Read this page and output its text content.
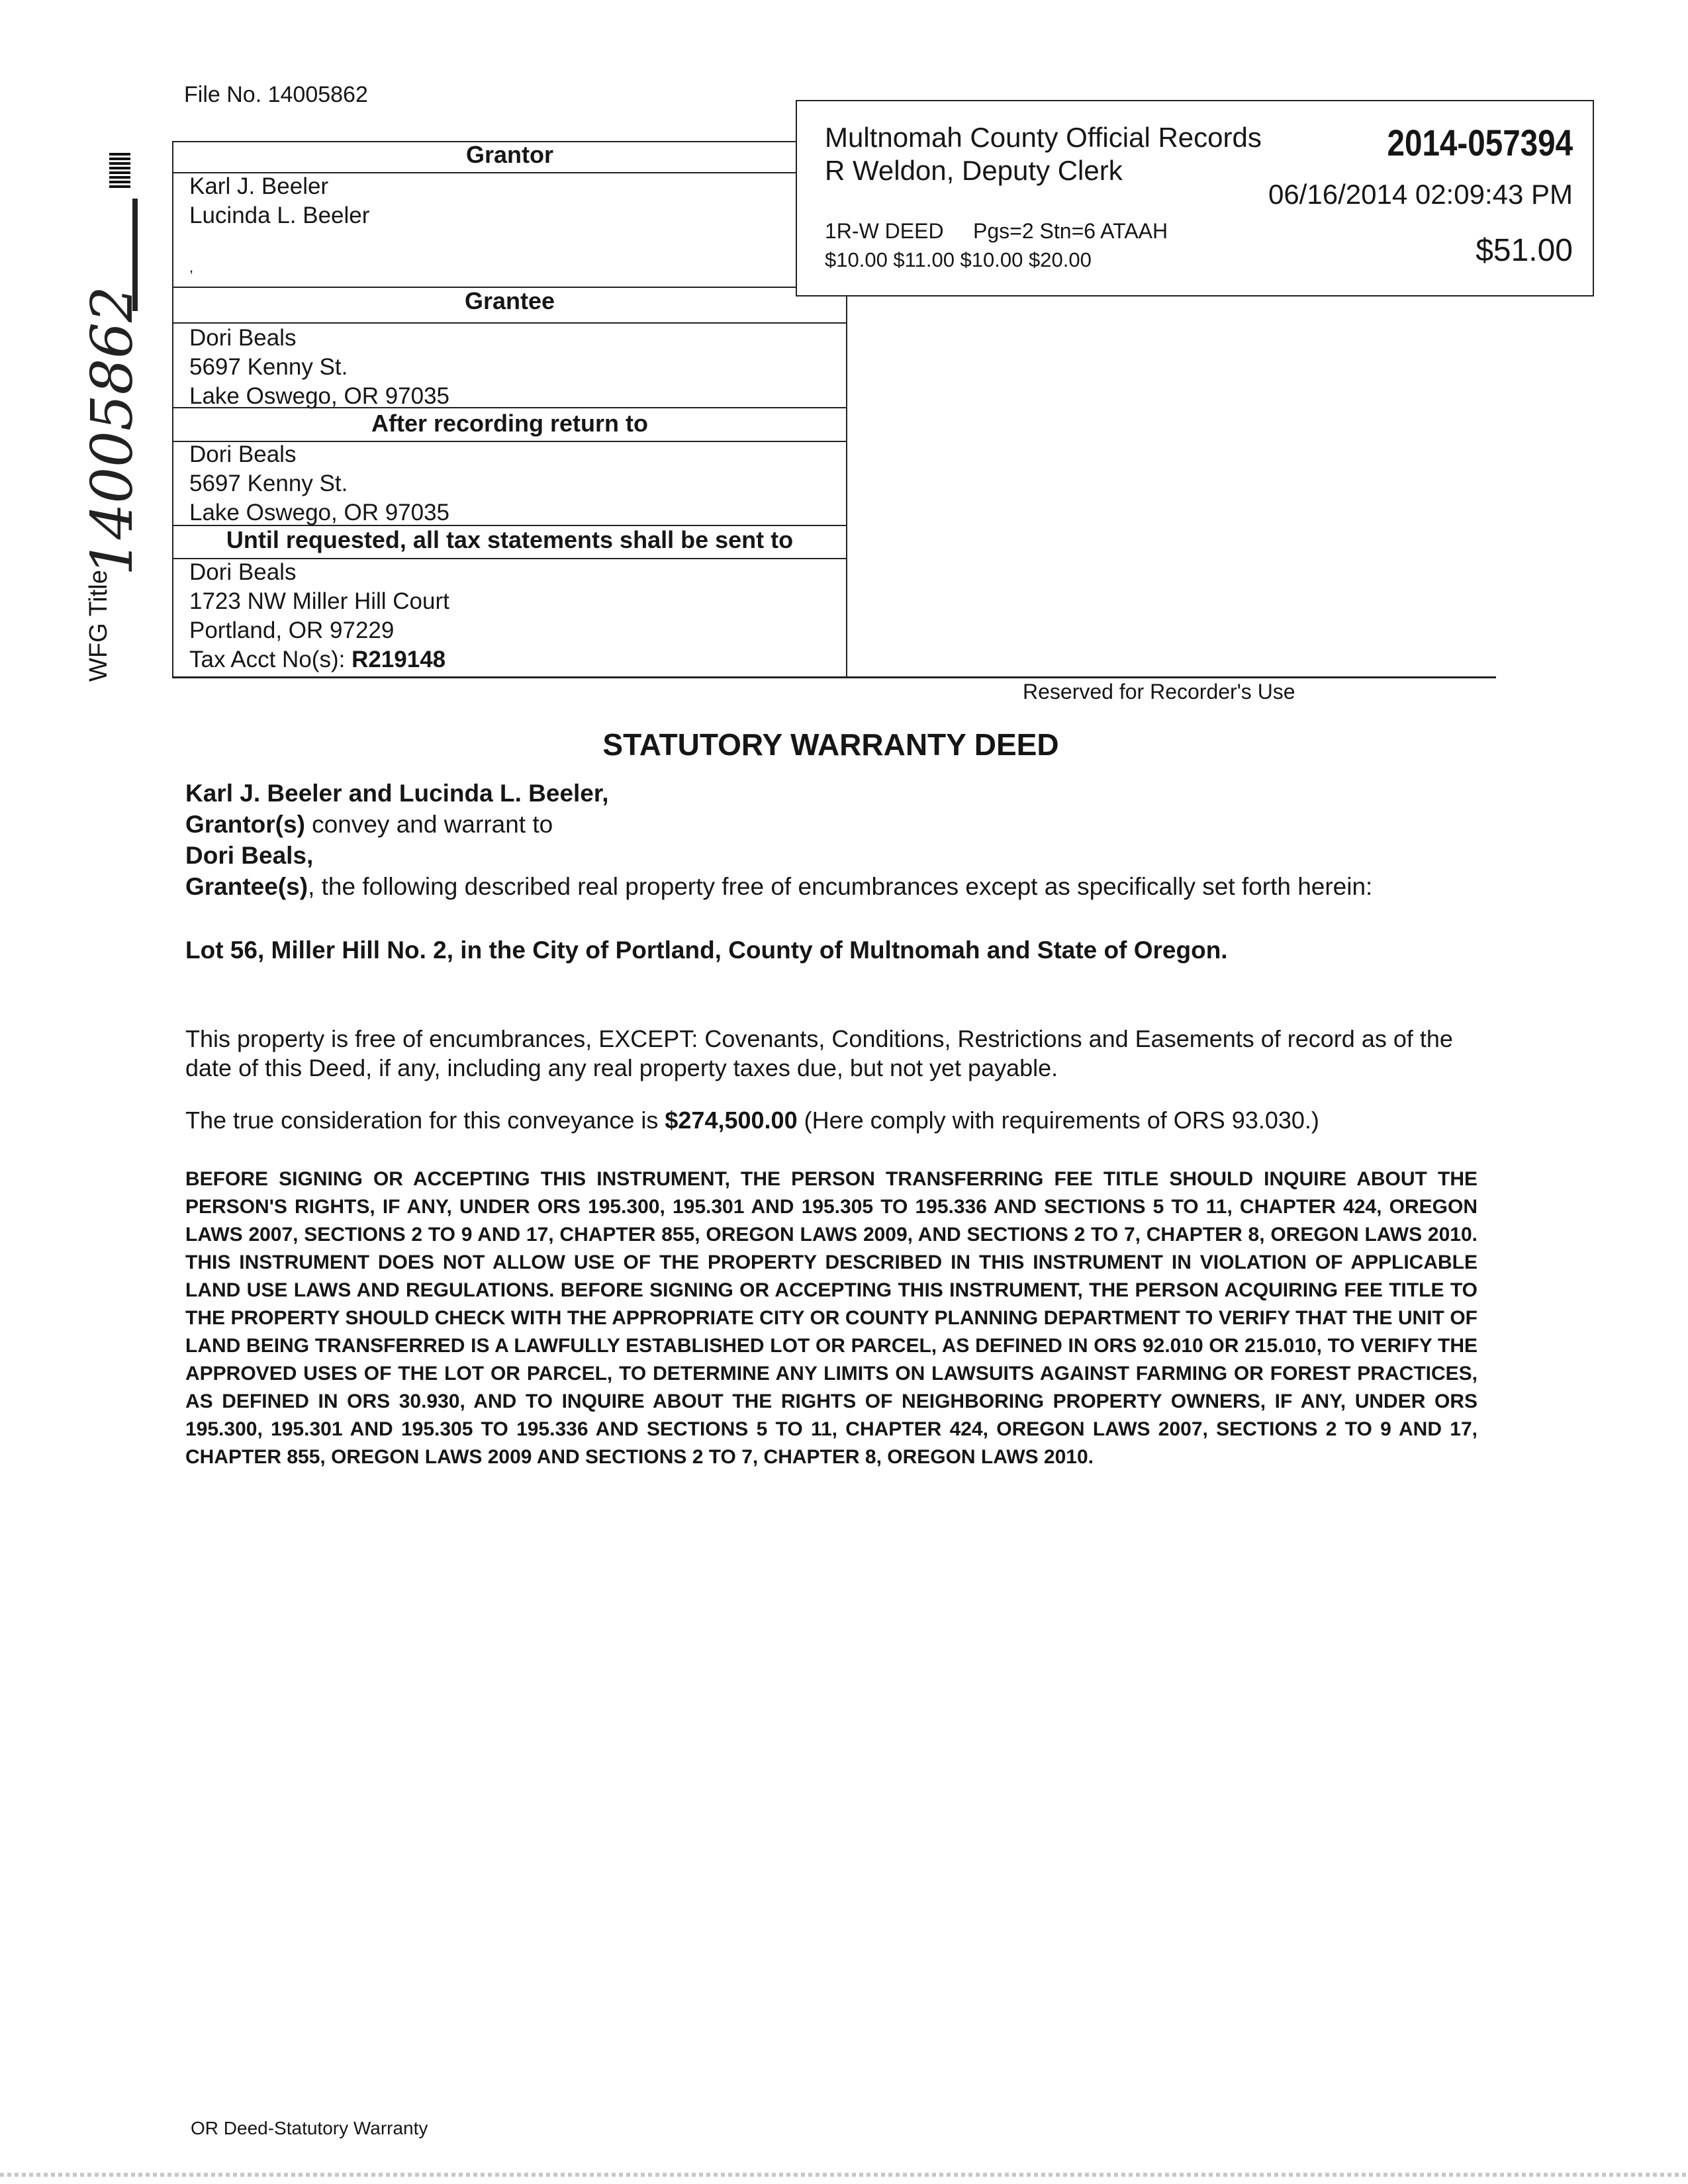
File No. 14005862
WFG Title
14005862
Grantor
Karl J. Beeler
Lucinda L. Beeler
,
Grantee
Dori Beals
5697 Kenny St.
Lake Oswego, OR 97035
After recording return to
Dori Beals
5697 Kenny St.
Lake Oswego, OR 97035
Until requested, all tax statements shall be sent to
Dori Beals
1723 NW Miller Hill Court
Portland, OR 97229
Tax Acct No(s): R219148
Reserved for Recorder's Use
Multnomah County Official Records
R Weldon, Deputy Clerk
2014-057394
06/16/2014 02:09:43 PM
1R-W DEED Pgs=2 Stn=6 ATAAH
$10.00 $11.00 $10.00 $20.00	$51.00
STATUTORY WARRANTY DEED
Karl J. Beeler and Lucinda L. Beeler,
Grantor(s) convey and warrant to
Dori Beals,
Grantee(s), the following described real property free of encumbrances except as specifically set forth herein:
Lot 56, Miller Hill No. 2, in the City of Portland, County of Multnomah and State of Oregon.
This property is free of encumbrances, EXCEPT: Covenants, Conditions, Restrictions and Easements of record as of the date of this Deed, if any, including any real property taxes due, but not yet payable.
The true consideration for this conveyance is $274,500.00 (Here comply with requirements of ORS 93.030.)
BEFORE SIGNING OR ACCEPTING THIS INSTRUMENT, THE PERSON TRANSFERRING FEE TITLE SHOULD INQUIRE ABOUT THE PERSON'S RIGHTS, IF ANY, UNDER ORS 195.300, 195.301 AND 195.305 TO 195.336 AND SECTIONS 5 TO 11, CHAPTER 424, OREGON LAWS 2007, SECTIONS 2 TO 9 AND 17, CHAPTER 855, OREGON LAWS 2009, AND SECTIONS 2 TO 7, CHAPTER 8, OREGON LAWS 2010. THIS INSTRUMENT DOES NOT ALLOW USE OF THE PROPERTY DESCRIBED IN THIS INSTRUMENT IN VIOLATION OF APPLICABLE LAND USE LAWS AND REGULATIONS. BEFORE SIGNING OR ACCEPTING THIS INSTRUMENT, THE PERSON ACQUIRING FEE TITLE TO THE PROPERTY SHOULD CHECK WITH THE APPROPRIATE CITY OR COUNTY PLANNING DEPARTMENT TO VERIFY THAT THE UNIT OF LAND BEING TRANSFERRED IS A LAWFULLY ESTABLISHED LOT OR PARCEL, AS DEFINED IN ORS 92.010 OR 215.010, TO VERIFY THE APPROVED USES OF THE LOT OR PARCEL, TO DETERMINE ANY LIMITS ON LAWSUITS AGAINST FARMING OR FOREST PRACTICES, AS DEFINED IN ORS 30.930, AND TO INQUIRE ABOUT THE RIGHTS OF NEIGHBORING PROPERTY OWNERS, IF ANY, UNDER ORS 195.300, 195.301 AND 195.305 TO 195.336 AND SECTIONS 5 TO 11, CHAPTER 424, OREGON LAWS 2007, SECTIONS 2 TO 9 AND 17, CHAPTER 855, OREGON LAWS 2009 AND SECTIONS 2 TO 7, CHAPTER 8, OREGON LAWS 2010.
OR Deed-Statutory Warranty
